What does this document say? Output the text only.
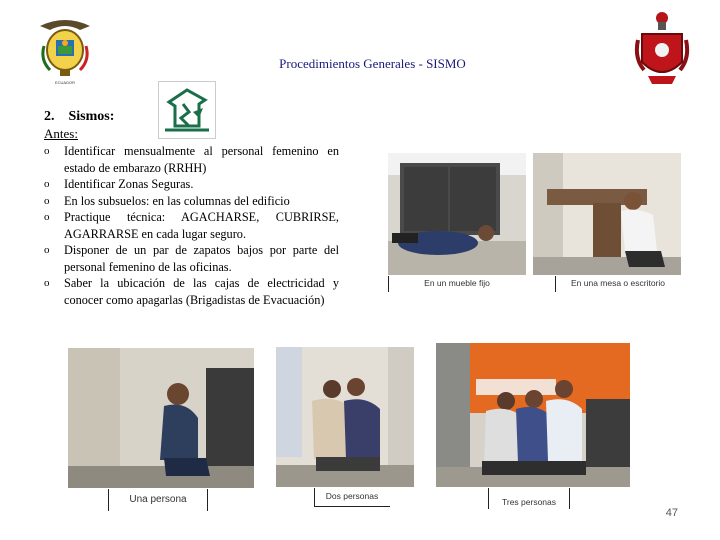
ECUADOR
Procedimientos Generales - SISMO
2. Sismos:
Antes:
o Identificar mensualmente al personal femenino en estado de embarazo (RRHH)
o Identificar Zonas Seguras.
o En los subsuelos: en las columnas del edificio
o Practique técnica: AGACHARSE, CUBRIRSE, AGARRARSE en cada lugar seguro.
o Disponer de un par de zapatos bajos por parte del personal femenino de las oficinas.
o Saber la ubicación de las cajas de electricidad y conocer como apagarlas (Brigadistas de Evacuación)
En un mueble fijo	En una mesa o escritorio
Una persona	Dos personas
Tres personas
47
